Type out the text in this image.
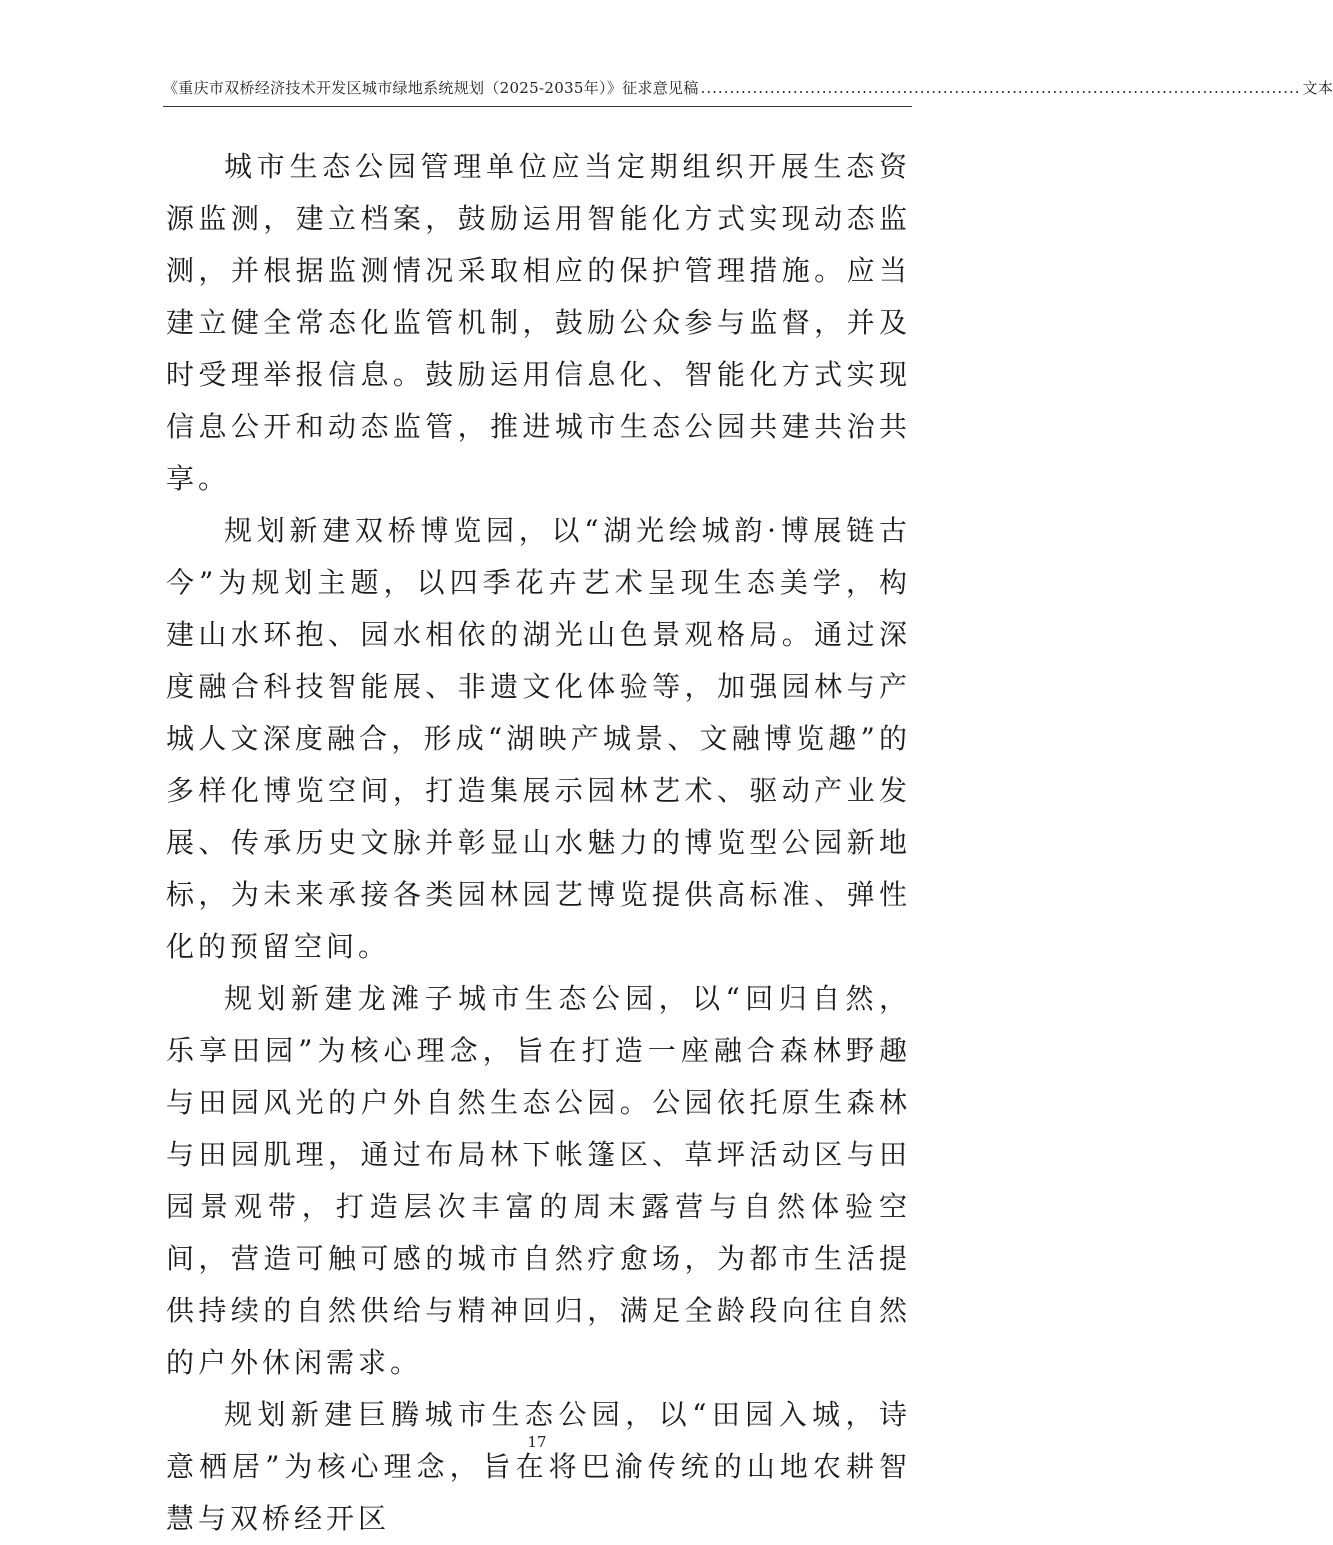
《重庆市双桥经济技术开发区城市绿地系统规划（2025-2035年）》征求意见稿 ........................................................................................................ 文本

城市生态公园管理单位应当定期组织开展生态资源监测，建立档案，鼓励运用智能化方式实现动态监测，并根据监测情况采取相应的保护管理措施。应当建立健全常态化监管机制，鼓励公众参与监督，并及时受理举报信息。鼓励运用信息化、智能化方式实现信息公开和动态监管，推进城市生态公园共建共治共享。

规划新建双桥博览园，以“湖光绘城韵·博展链古今”为规划主题，以四季花卉艺术呈现生态美学，构建山水环抱、园水相依的湖光山色景观格局。通过深度融合科技智能展、非遗文化体验等，加强园林与产城人文深度融合，形成“湖映产城景、文融博览趣”的多样化博览空间，打造集展示园林艺术、驱动产业发展、传承历史文脉并彰显山水魅力的博览型公园新地标，为未来承接各类园林园艺博览提供高标准、弹性化的预留空间。

规划新建龙滩子城市生态公园，以“回归自然，乐享田园”为核心理念，旨在打造一座融合森林野趣与田园风光的户外自然生态公园。公园依托原生森林与田园肌理，通过布局林下帐篷区、草坪活动区与田园景观带，打造层次丰富的周末露营与自然体验空间，营造可触可感的城市自然疗愈场，为都市生活提供持续的自然供给与精神回归，满足全龄段向往自然的户外休闲需求。

规划新建巨腾城市生态公园，以“田园入城，诗意栖居”为核心理念，旨在将巴渝传统的山地农耕智慧与双桥经开区

17
